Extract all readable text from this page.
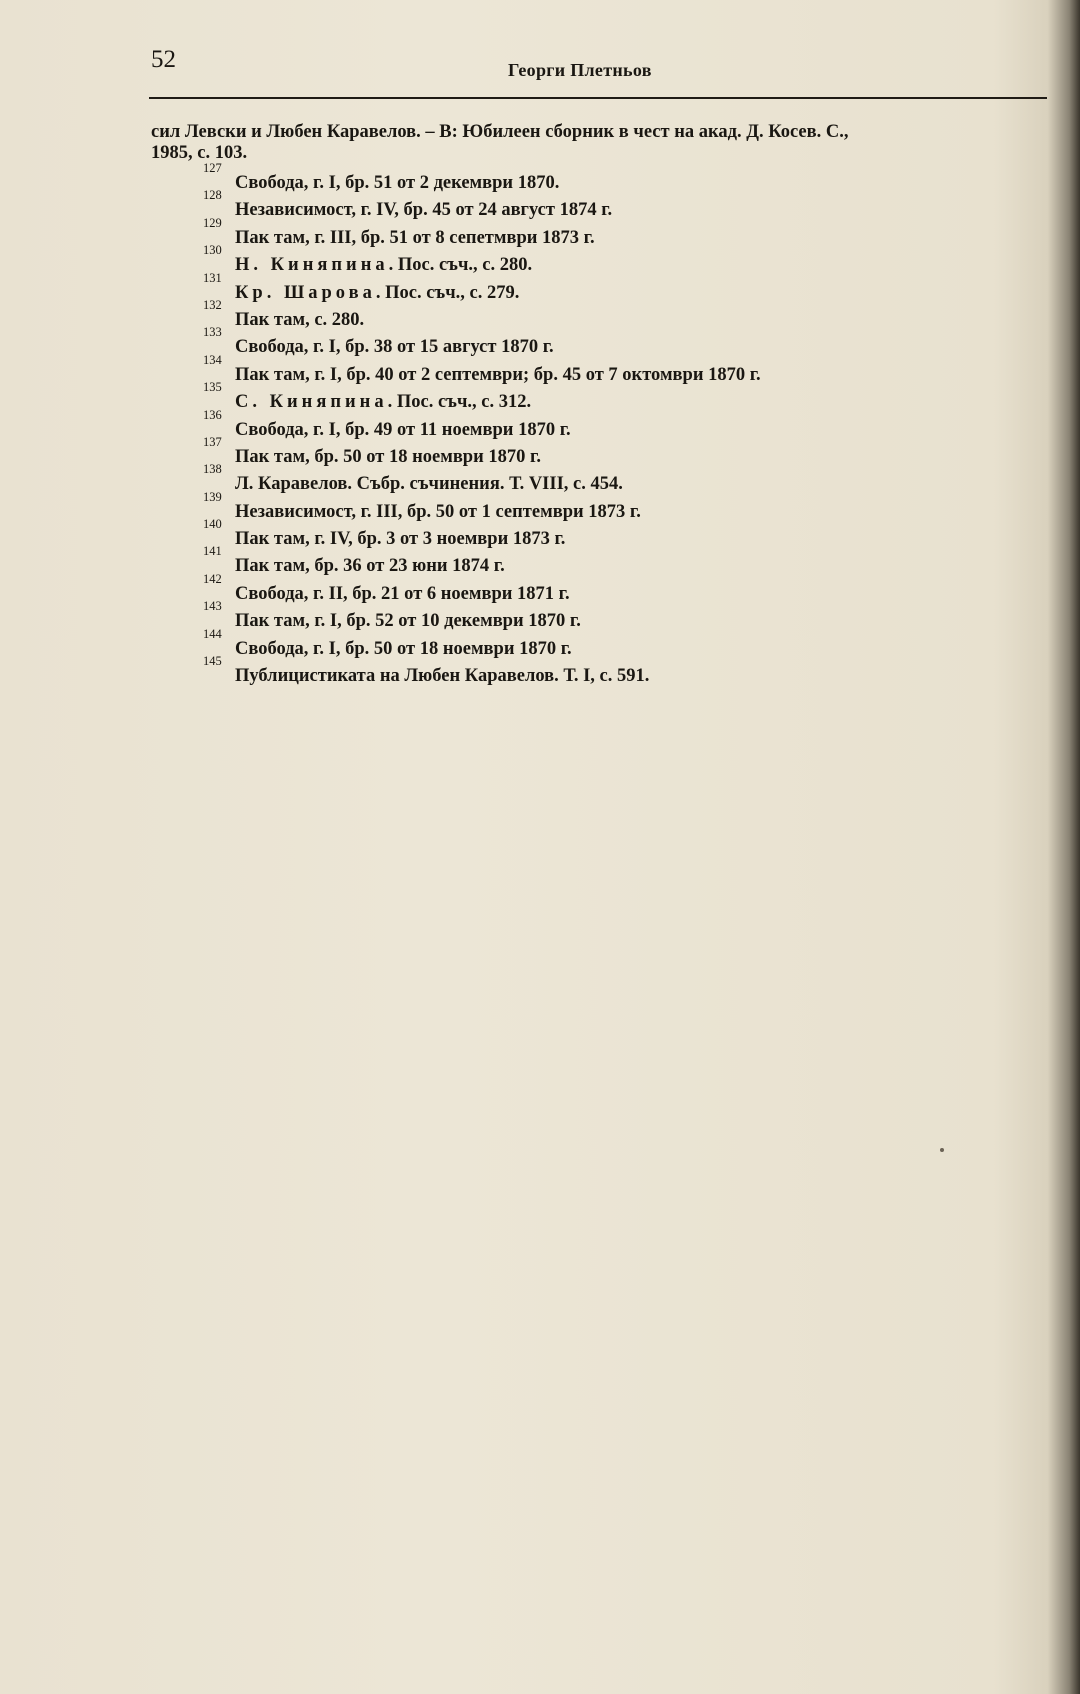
52	Георги Плетньов
сил Левски и Любен Каравелов. – В: Юбилеен сборник в чест на акад. Д. Косев. С.,
1985, с. 103.
127
Свобода, г. I, бр. 51 от 2 декември 1870.
128
Независимост, г. IV, бр. 45 от 24 август 1874 г.
129
Пак там, г. III, бр. 51 от 8 сепетмври 1873 г.
130
Н. Киняпина. Пос. съч., с. 280.
131
Кр. Шарова. Пос. съч., с. 279.
132
Пак там, с. 280.
133
Свобода, г. I, бр. 38 от 15 август 1870 г.
134
Пак там, г. I, бр. 40 от 2 септември; бр. 45 от 7 октомври 1870 г.
135
С. Киняпина. Пос. съч., с. 312.
136
Свобода, г. I, бр. 49 от 11 ноември 1870 г.
137
Пак там, бр. 50 от 18 ноември 1870 г.
138
Л. Каравелов. Събр. съчинения. Т. VIII, с. 454.
139
Независимост, г. III, бр. 50 от 1 септември 1873 г.
140
Пак там, г. IV, бр. 3 от 3 ноември 1873 г.
141
Пак там, бр. 36 от 23 юни 1874 г.
142
Свобода, г. II, бр. 21 от 6 ноември 1871 г.
143
Пак там, г. I, бр. 52 от 10 декември 1870 г.
144
Свобода, г. I, бр. 50 от 18 ноември 1870 г.
145
Публицистиката на Любен Каравелов. Т. I, с. 591.
